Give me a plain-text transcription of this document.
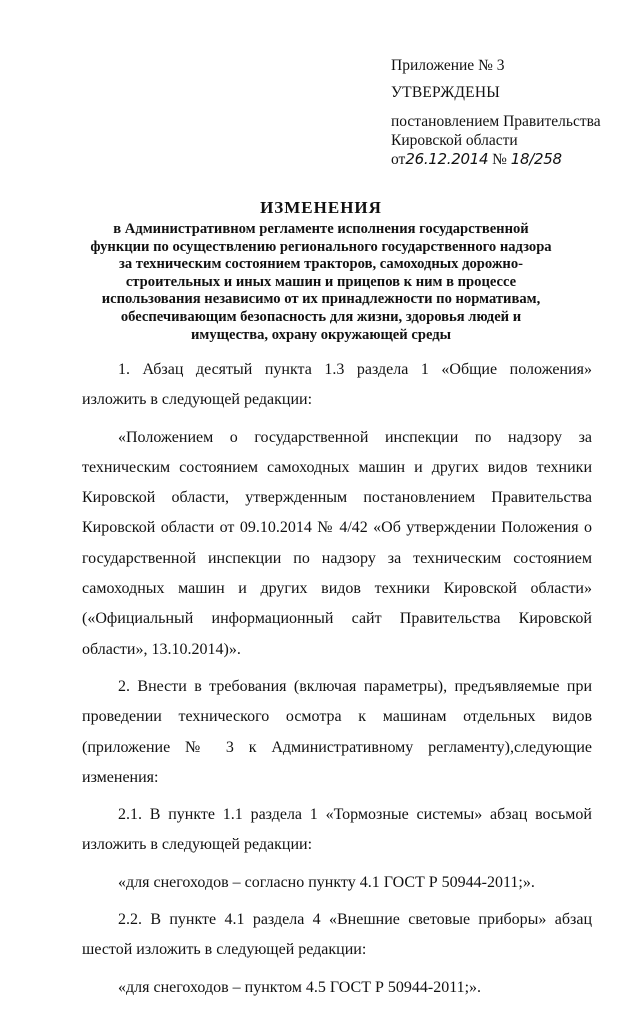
Приложение № 3
УТВЕРЖДЕНЫ
постановлением Правительства
Кировской области
от26.12.2014 № 18/258
ИЗМЕНЕНИЯ
в Административном регламенте исполнения государственной функции по осуществлению регионального государственного надзора за техническим состоянием тракторов, самоходных дорожно-строительных и иных машин и прицепов к ним в процессе использования независимо от их принадлежности по нормативам, обеспечивающим безопасность для жизни, здоровья людей и имущества, охрану окружающей среды

1. Абзац десятый пункта 1.3 раздела 1 «Общие положения» изложить в следующей редакции:

«Положением о государственной инспекции по надзору за техническим состоянием самоходных машин и других видов техники Кировской области, утвержденным постановлением Правительства Кировской области от 09.10.2014 № 4/42 «Об утверждении Положения о государственной инспекции по надзору за техническим состоянием самоходных машин и других видов техники Кировской области» («Официальный информационный сайт Правительства Кировской области», 13.10.2014)».

2. Внести в требования (включая параметры), предъявляемые при проведении технического осмотра к машинам отдельных видов (приложение № 3 к Административному регламенту),следующие изменения:

2.1. В пункте 1.1 раздела 1 «Тормозные системы» абзац восьмой изложить в следующей редакции:

«для снегоходов – согласно пункту 4.1 ГОСТ Р 50944-2011;».

2.2. В пункте 4.1 раздела 4 «Внешние световые приборы» абзац шестой изложить в следующей редакции:

«для снегоходов – пунктом 4.5 ГОСТ Р 50944-2011;».
